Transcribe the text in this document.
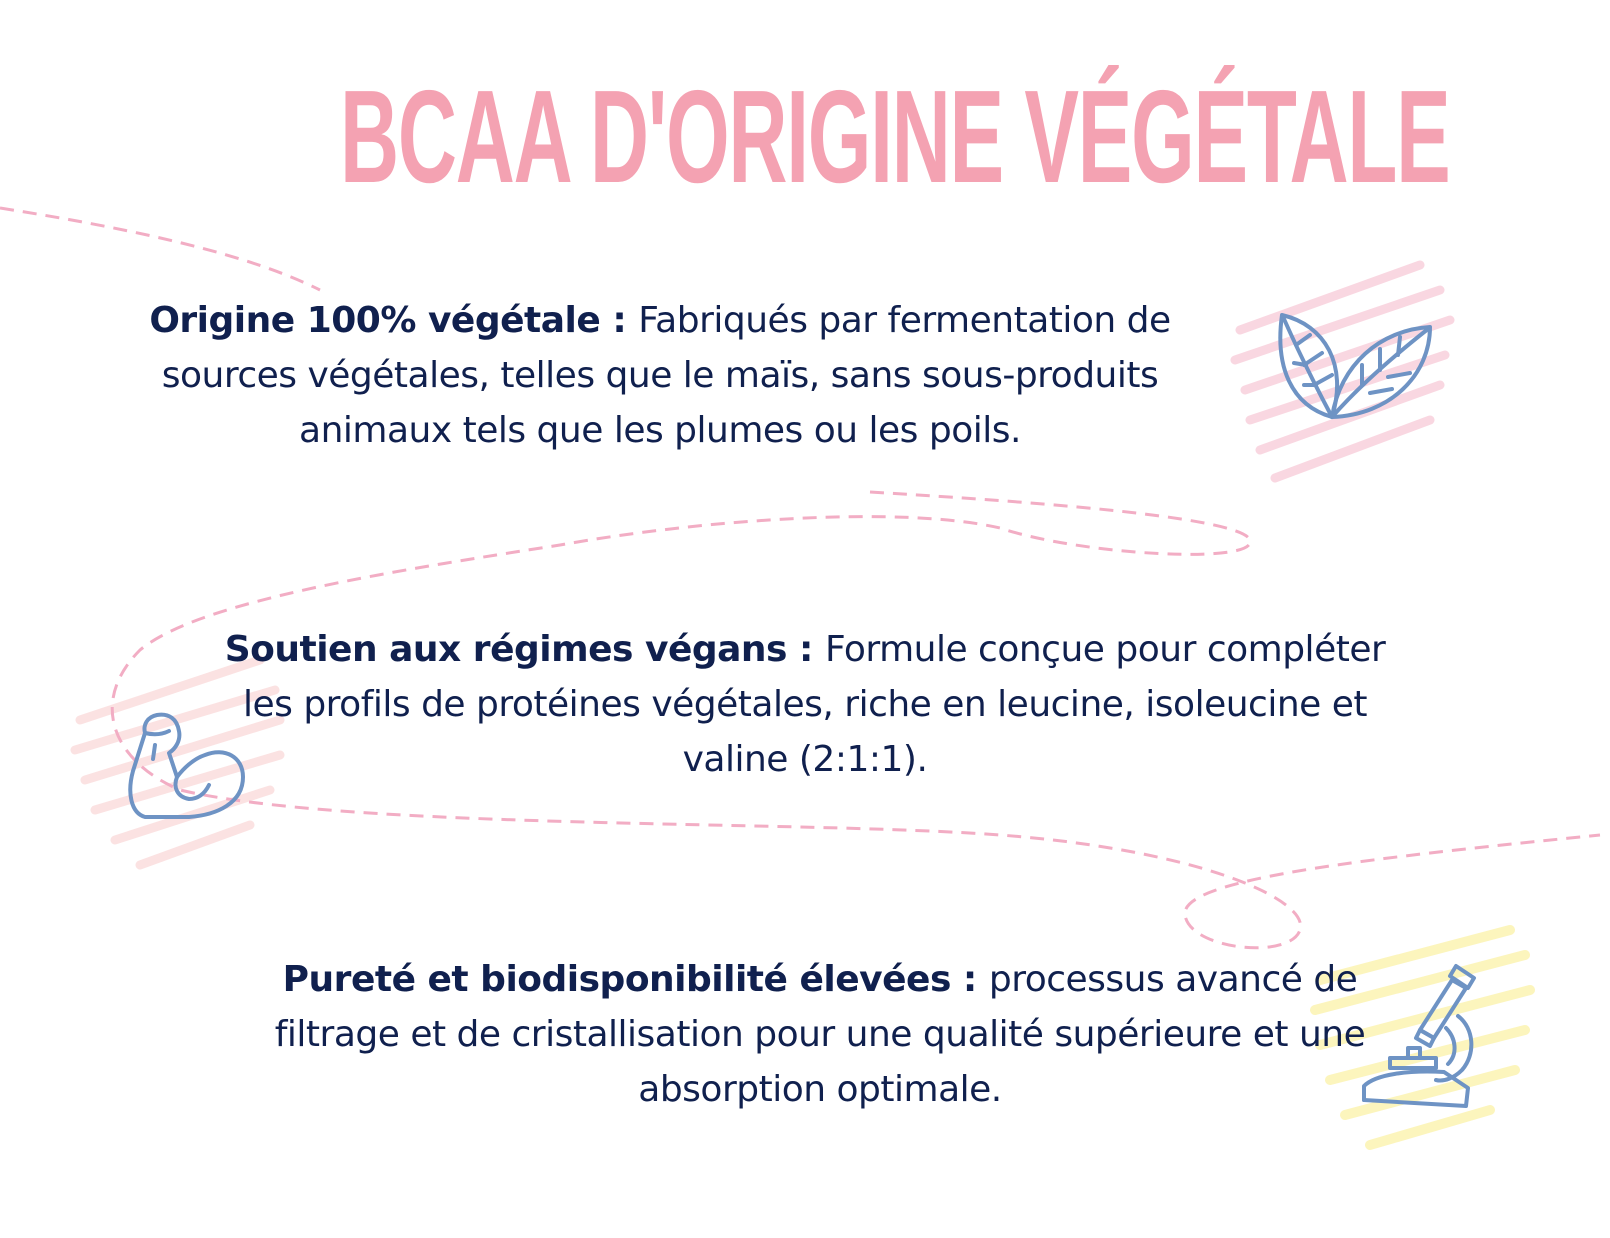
BCAA D'ORIGINE VÉGÉTALE
Origine 100% végétale : Fabriqués par fermentation de sources végétales, telles que le maïs, sans sous-produits animaux tels que les plumes ou les poils.
Soutien aux régimes végans : Formule conçue pour compléter les profils de protéines végétales, riche en leucine, isoleucine et valine (2:1:1).
Pureté et biodisponibilité élevées : processus avancé de filtrage et de cristallisation pour une qualité supérieure et une absorption optimale.
